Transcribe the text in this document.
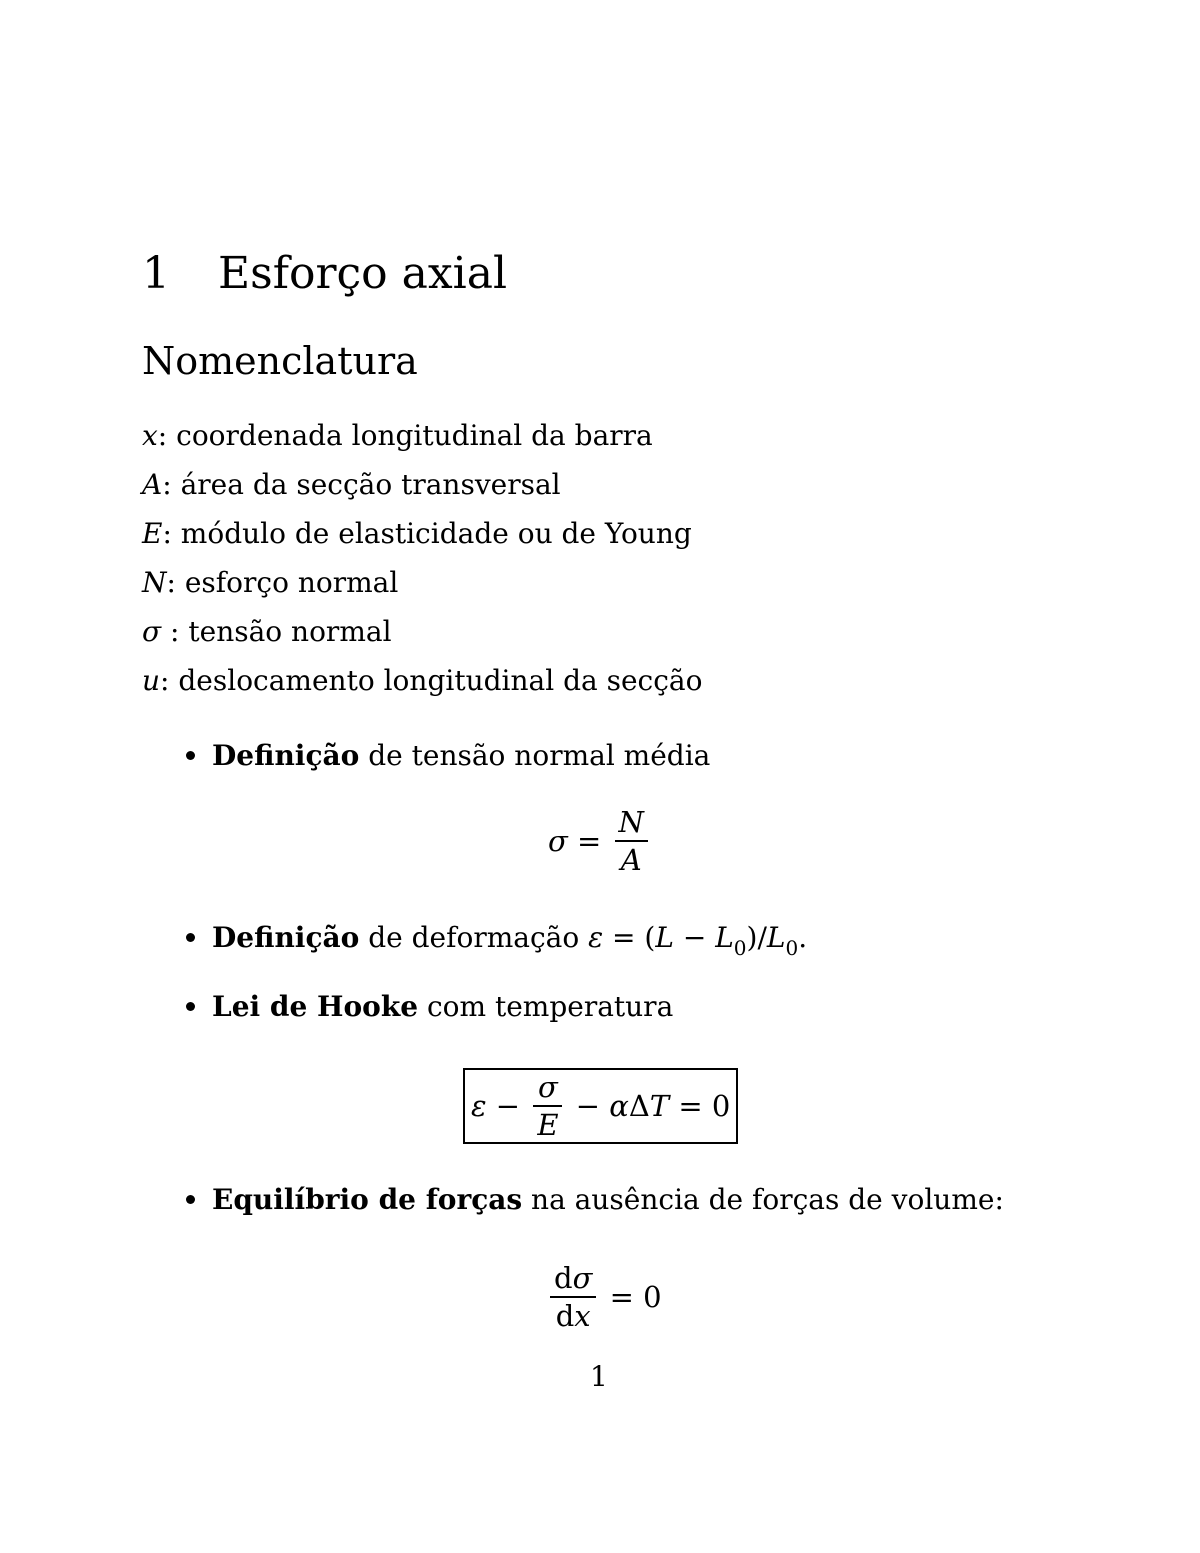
1 Esforço axial
Nomenclatura
x: coordenada longitudinal da barra
A: área da secção transversal
E: módulo de elasticidade ou de Young
N: esforço normal
σ : tensão normal
u: deslocamento longitudinal da secção
Definição de tensão normal média
$\sigma = \frac{N}{A}$
Definição de deformação $\varepsilon = (L - L_0)/L_0$.
Lei de Hooke com temperatura
$\varepsilon - \frac{\sigma}{E} - \alpha$ Δ T = 0
Equilíbrio de forças na ausência de forças de volume:
$\frac{d\sigma}{dx} = 0$
1
